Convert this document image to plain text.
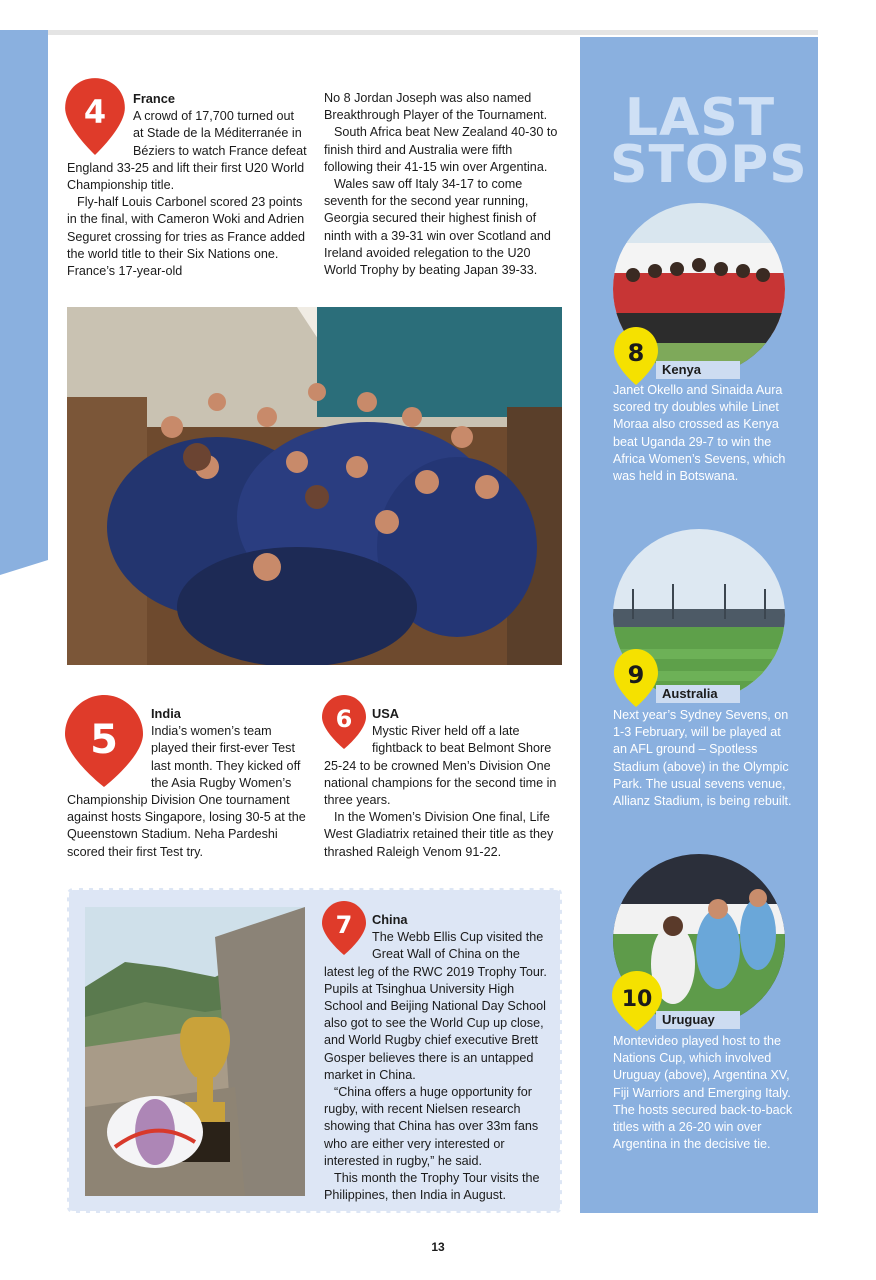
4	France
A crowd of 17,700 turned out at Stade de la Méditerranée in Béziers to watch France defeat England 33-25 and lift their first U20 World Championship title.

Fly-half Louis Carbonel scored 23 points in the final, with Cameron Woki and Adrien Seguret crossing for tries as France added the world title to their Six Nations one. France’s 17-year-old

No 8 Jordan Joseph was also named Breakthrough Player of the Tournament.

South Africa beat New Zealand 40-30 to finish third and Australia were fifth following their 41-15 win over Argentina.

Wales saw off Italy 34-17 to come seventh for the second year running, Georgia secured their highest finish of ninth with a 39-31 win over Scotland and Ireland avoided relegation to the U20 World Trophy by beating Japan 39-33.

5

India
India’s women’s team played their first-ever Test last month. They kicked off the Asia Rugby Women’s Championship Division One tournament against hosts Singapore, losing 30-5 at the Queenstown Stadium. Neha Pardeshi scored their first Test try.

6	USA
Mystic River held off a late fightback to beat Belmont Shore 25-24 to be crowned Men’s Division One national champions for the second time in three years.

In the Women’s Division One final, Life West Gladiatrix retained their title as they thrashed Raleigh Venom 91-22.

7	China
The Webb Ellis Cup visited the Great Wall of China on the latest leg of the RWC 2019 Trophy Tour. Pupils at Tsinghua University High School and Beijing National Day School also got to see the World Cup up close, and World Rugby chief executive Brett Gosper believes there is an untapped market in China.

“China offers a huge opportunity for rugby, with recent Nielsen research showing that China has over 33m fans who are either very interested or interested in rugby,” he said.

This month the Trophy Tour visits the Philippines, then India in August.

LAST
STOPS
8
Kenya
Janet Okello and Sinaida Aura scored try doubles while Linet Moraa also crossed as Kenya beat Uganda 29-7 to win the Africa Women’s Sevens, which was held in Botswana.
9
Australia
Next year’s Sydney Sevens, on 1-3 February, will be played at an AFL ground – Spotless Stadium (above) in the Olympic Park. The usual sevens venue, Allianz Stadium, is being rebuilt.
10
Uruguay
Montevideo played host to the Nations Cup, which involved Uruguay (above), Argentina XV, Fiji Warriors and Emerging Italy. The hosts secured back-to-back titles with a 26-20 win over Argentina in the decisive tie.
13
